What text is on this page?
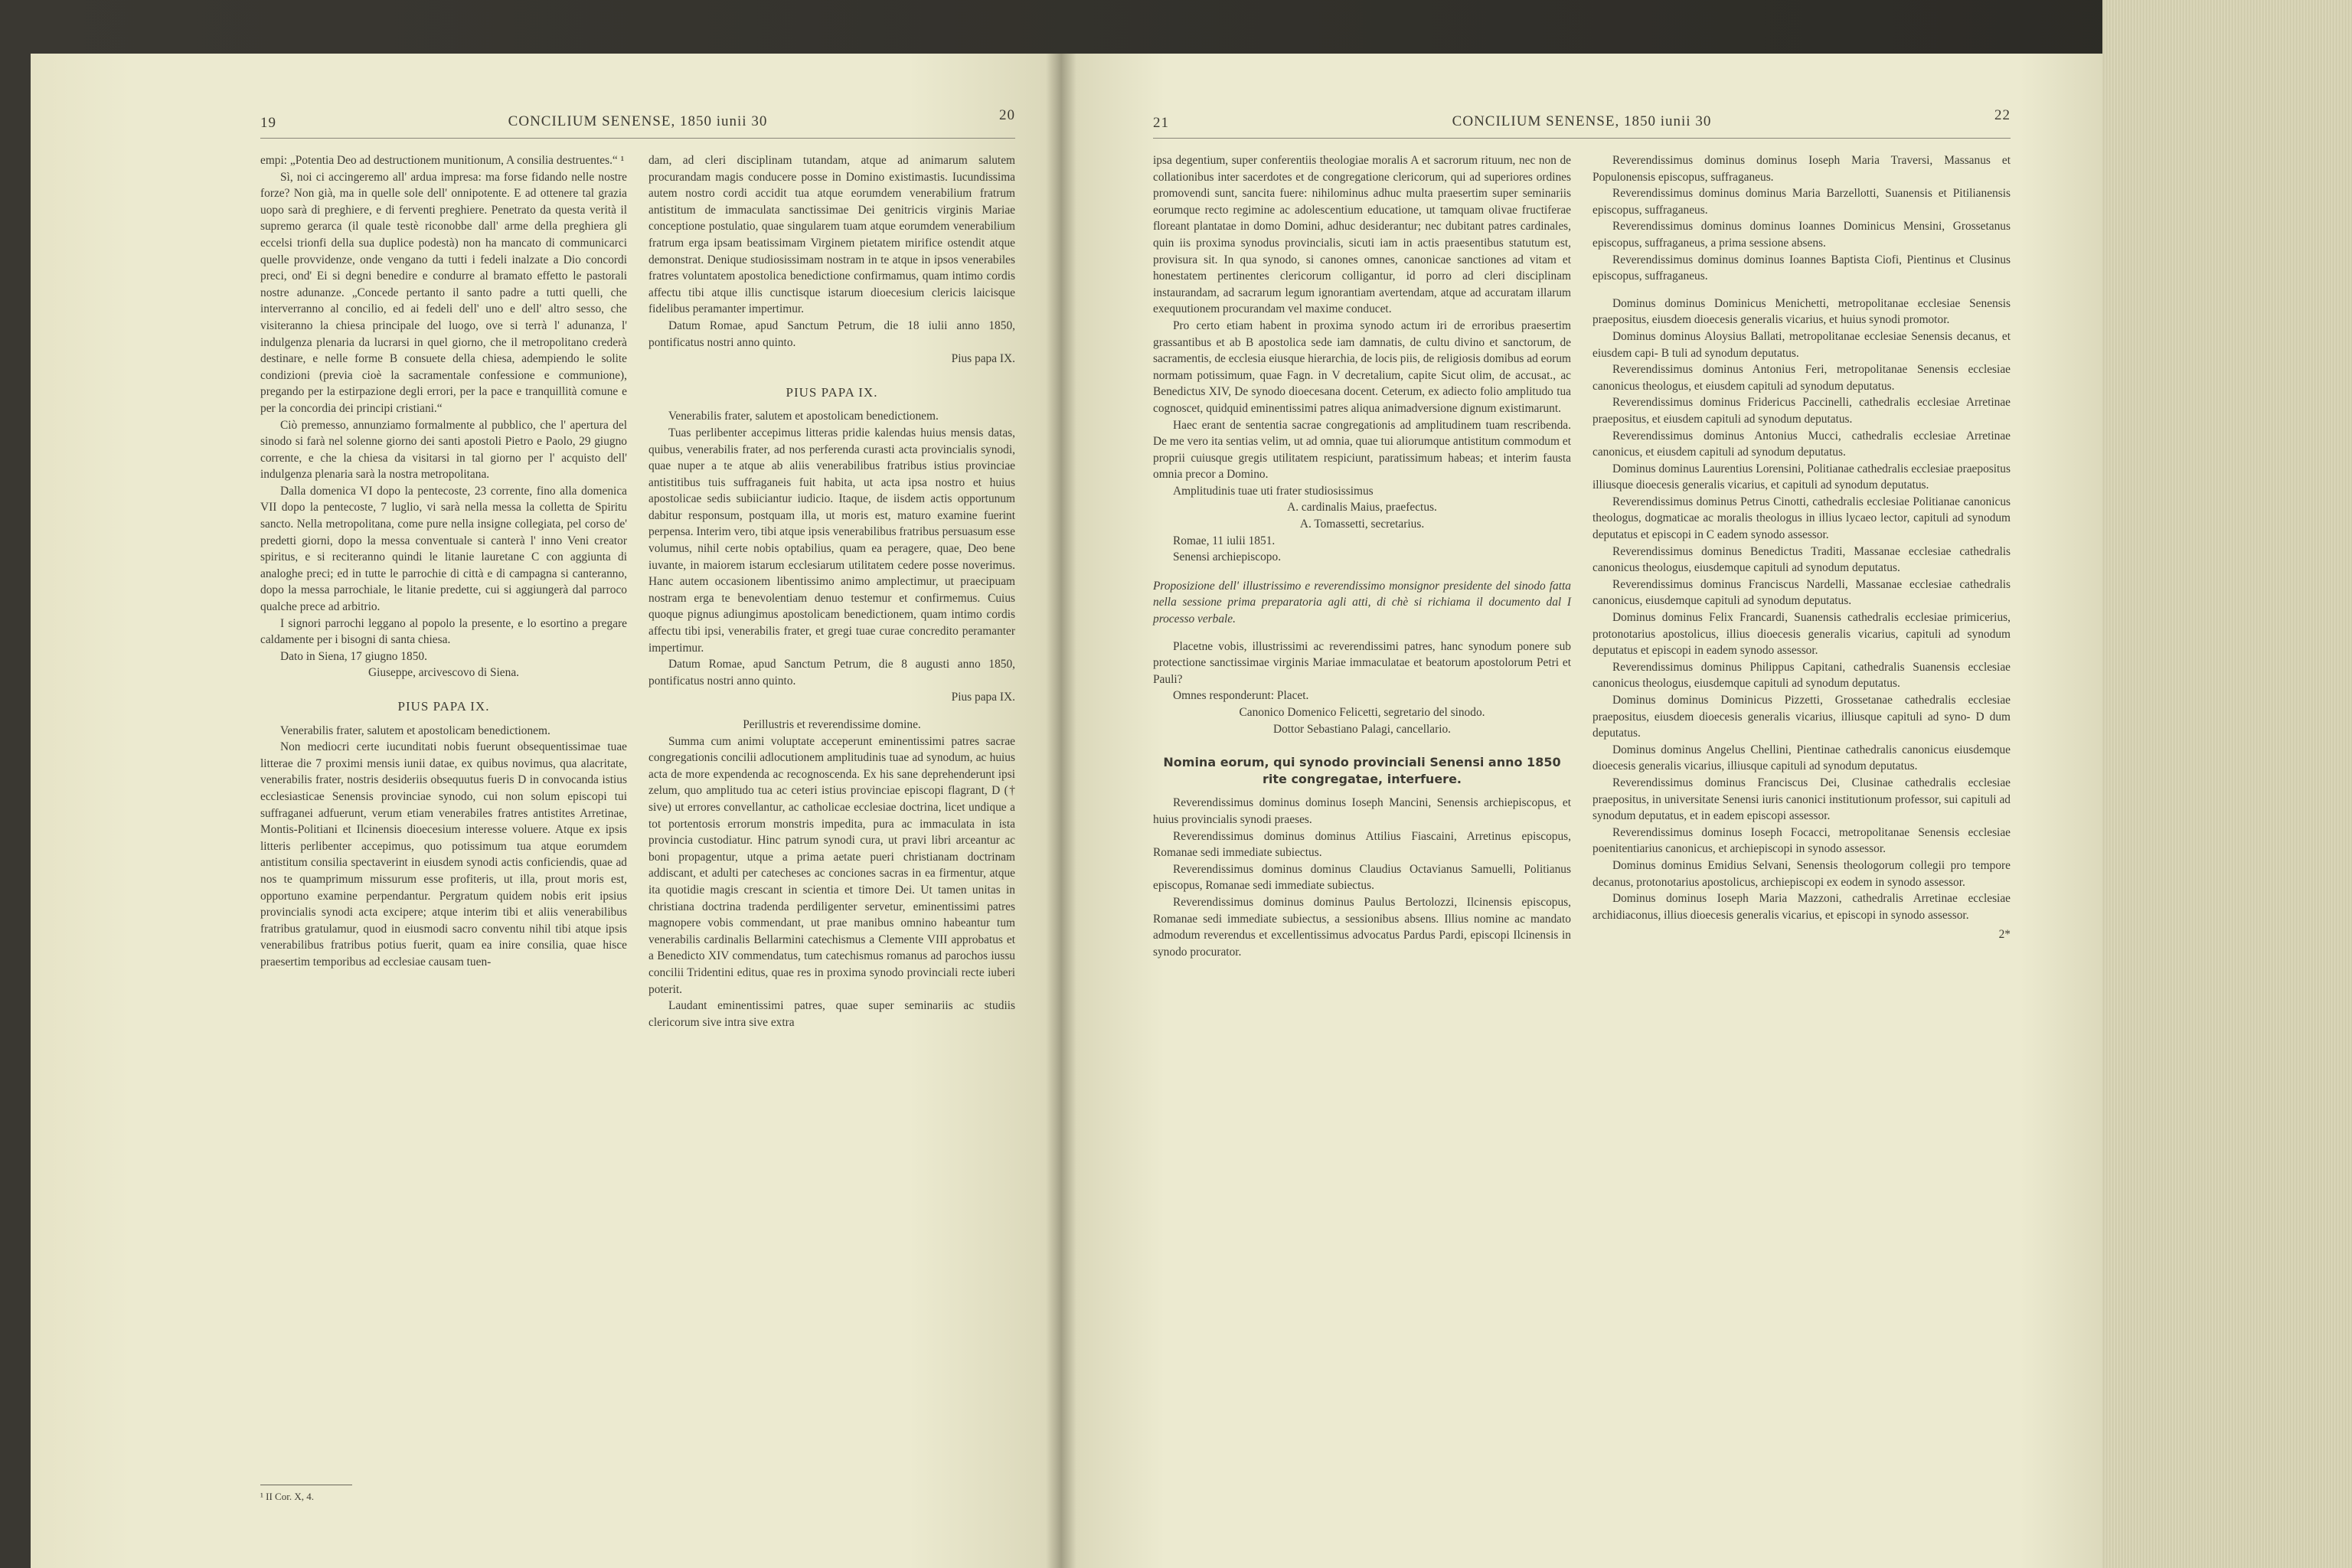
19	CONCILIUM SENENSE, 1850 iunii 30	20

empi: „Potentia Deo ad destructionem munitionum, A consilia destruentes.“ ¹

Sì, noi ci accingeremo all' ardua impresa: ma forse fidando nelle nostre forze? Non già, ma in quelle sole dell' onnipotente. E ad ottenere tal grazia uopo sarà di preghiere, e di ferventi preghiere. Penetrato da questa verità il supremo gerarca (il quale testè riconobbe dall' arme della preghiera gli eccelsi trionfi della sua duplice podestà) non ha mancato di communicarci quelle provvidenze, onde vengano da tutti i fedeli inalzate a Dio concordi preci, ond' Ei si degni benedire e condurre al bramato effetto le pastorali nostre adunanze. „Concede pertanto il santo padre a tutti quelli, che interverranno al concilio, ed ai fedeli dell' uno e dell' altro sesso, che visiteranno la chiesa principale del luogo, ove si terrà l' adunanza, l' indulgenza plenaria da lucrarsi in quel giorno, che il metropolitano crederà destinare, e nelle forme B consuete della chiesa, adempiendo le solite condizioni (previa cioè la sacramentale confessione e communione), pregando per la estirpazione degli errori, per la pace e tranquillità comune e per la concordia dei principi cristiani.“

Ciò premesso, annunziamo formalmente al pubblico, che l' apertura del sinodo si farà nel solenne giorno dei santi apostoli Pietro e Paolo, 29 giugno corrente, e che la chiesa da visitarsi in tal giorno per l' acquisto dell' indulgenza plenaria sarà la nostra metropolitana.

Dalla domenica VI dopo la pentecoste, 23 corrente, fino alla domenica VII dopo la pentecoste, 7 luglio, vi sarà nella messa la colletta de Spiritu sancto. Nella metropolitana, come pure nella insigne collegiata, pel corso de' predetti giorni, dopo la messa conventuale si canterà l' inno Veni creator spiritus, e si reciteranno quindi le litanie lauretane C con aggiunta di analoghe preci; ed in tutte le parrochie di città e di campagna si canteranno, dopo la messa parrochiale, le litanie predette, cui si aggiungerà dal parroco qualche prece ad arbitrio.

I signori parrochi leggano al popolo la presente, e lo esortino a pregare caldamente per i bisogni di santa chiesa.

Dato in Siena, 17 giugno 1850.

Giuseppe, arcivescovo di Siena.

PIUS PAPA IX.

Venerabilis frater, salutem et apostolicam benedictionem.

Non mediocri certe iucunditati nobis fuerunt obsequentissimae tuae litterae die 7 proximi mensis iunii datae, ex quibus novimus, qua alacritate, venerabilis frater, nostris desideriis obsequutus fueris D in convocanda istius ecclesiasticae Senensis provinciae synodo, cui non solum episcopi tui suffraganei adfuerunt, verum etiam venerabiles fratres antistites Arretinae, Montis-Politiani et Ilcinensis dioecesium interesse voluere. Atque ex ipsis litteris perlibenter accepimus, quo potissimum tua atque eorumdem antistitum consilia spectaverint in eiusdem synodi actis conficiendis, quae ad nos te quamprimum missurum esse profiteris, ut illa, prout moris est, opportuno examine perpendantur. Pergratum quidem nobis erit ipsius provincialis synodi acta excipere; atque interim tibi et aliis venerabilibus fratribus gratulamur, quod in eiusmodi sacro conventu nihil tibi atque ipsis venerabilibus fratribus potius fuerit, quam ea inire consilia, quae hisce praesertim temporibus ad ecclesiae causam tuen-

¹ II Cor. X, 4.

dam, ad cleri disciplinam tutandam, atque ad animarum salutem procurandam magis conducere posse in Domino existimastis. Iucundissima autem nostro cordi accidit tua atque eorumdem venerabilium fratrum antistitum de immaculata sanctissimae Dei genitricis virginis Mariae conceptione postulatio, quae singularem tuam atque eorumdem venerabilium fratrum erga ipsam beatissimam Virginem pietatem mirifice ostendit atque demonstrat. Denique studiosissimam nostram in te atque in ipsos venerabiles fratres voluntatem apostolica benedictione confirmamus, quam intimo cordis affectu tibi atque illis cunctisque istarum dioecesium clericis laicisque fidelibus peramanter impertimur.

Datum Romae, apud Sanctum Petrum, die 18 iulii anno 1850, pontificatus nostri anno quinto.

Pius papa IX.

PIUS PAPA IX.

Venerabilis frater, salutem et apostolicam benedictionem.

Tuas perlibenter accepimus litteras pridie kalendas huius mensis datas, quibus, venerabilis frater, ad nos perferenda curasti acta provincialis synodi, quae nuper a te atque ab aliis venerabilibus fratribus istius provinciae antistitibus tuis suffraganeis fuit habita, ut acta ipsa nostro et huius apostolicae sedis subiiciantur iudicio. Itaque, de iisdem actis opportunum dabitur responsum, postquam illa, ut moris est, maturo examine fuerint perpensa. Interim vero, tibi atque ipsis venerabilibus fratribus persuasum esse volumus, nihil certe nobis optabilius, quam ea peragere, quae, Deo bene iuvante, in maiorem istarum ecclesiarum utilitatem cedere posse noverimus. Hanc autem occasionem libentissimo animo amplectimur, ut praecipuam nostram erga te benevolentiam denuo testemur et confirmemus. Cuius quoque pignus adiungimus apostolicam benedictionem, quam intimo cordis affectu tibi ipsi, venerabilis frater, et gregi tuae curae concredito peramanter impertimur.

Datum Romae, apud Sanctum Petrum, die 8 augusti anno 1850, pontificatus nostri anno quinto.

Pius papa IX.

Perillustris et reverendissime domine.

Summa cum animi voluptate acceperunt eminentissimi patres sacrae congregationis concilii adlocutionem amplitudinis tuae ad synodum, ac huius acta de more expendenda ac recognoscenda. Ex his sane deprehenderunt ipsi zelum, quo amplitudo tua ac ceteri istius provinciae episcopi flagrant, D († sive) ut errores convellantur, ac catholicae ecclesiae doctrina, licet undique a tot portentosis errorum monstris impedita, pura ac immaculata in ista provincia custodiatur. Hinc patrum synodi cura, ut pravi libri arceantur ac boni propagentur, utque a prima aetate pueri christianam doctrinam addiscant, et adulti per catecheses ac conciones sacras in ea firmentur, atque ita quotidie magis crescant in scientia et timore Dei. Ut tamen unitas in christiana doctrina tradenda perdiligenter servetur, eminentissimi patres magnopere vobis commendant, ut prae manibus omnino habeantur tum venerabilis cardinalis Bellarmini catechismus a Clemente VIII approbatus et a Benedicto XIV commendatus, tum catechismus romanus ad parochos iussu concilii Tridentini editus, quae res in proxima synodo provinciali recte iuberi poterit.

Laudant eminentissimi patres, quae super seminariis ac studiis clericorum sive intra sive extra

21	CONCILIUM SENENSE, 1850 iunii 30	22

ipsa degentium, super conferentiis theologiae moralis A et sacrorum rituum, nec non de collationibus inter sacerdotes et de congregatione clericorum, qui ad superiores ordines promovendi sunt, sancita fuere: nihilominus adhuc multa praesertim super seminariis eorumque recto regimine ac adolescentium educatione, ut tamquam olivae fructiferae floreant plantatae in domo Domini, adhuc desiderantur; nec dubitant patres cardinales, quin iis proxima synodus provincialis, sicuti iam in actis praesentibus statutum est, provisura sit. In qua synodo, si canones omnes, canonicae sanctiones ad vitam et honestatem pertinentes clericorum colligantur, id porro ad cleri disciplinam instaurandam, ad sacrarum legum ignorantiam avertendam, atque ad accuratam illarum exequutionem procurandam vel maxime conducet.

Pro certo etiam habent in proxima synodo actum iri de erroribus praesertim grassantibus et ab B apostolica sede iam damnatis, de cultu divino et sanctorum, de sacramentis, de ecclesia eiusque hierarchia, de locis piis, de religiosis domibus ad eorum normam potissimum, quae Fagn. in V decretalium, capite Sicut olim, de accusat., ac Benedictus XIV, De synodo dioecesana docent. Ceterum, ex adiecto folio amplitudo tua cognoscet, quidquid eminentissimi patres aliqua animadversione dignum existimarunt.

Haec erant de sententia sacrae congregationis ad amplitudinem tuam rescribenda. De me vero ita sentias velim, ut ad omnia, quae tui aliorumque antistitum commodum et proprii cuiusque gregis utilitatem respiciunt, paratissimum habeas; et interim fausta omnia precor a Domino.

Amplitudinis tuae uti frater studiosissimus

A. cardinalis Maius, praefectus.

A. Tomassetti, secretarius.

Romae, 11 iulii 1851.

Senensi archiepiscopo.

Proposizione dell' illustrissimo e reverendissimo monsignor presidente del sinodo fatta nella sessione prima preparatoria agli atti, di chè si richiama il documento dal I processo verbale.

Placetne vobis, illustrissimi ac reverendissimi patres, hanc synodum ponere sub protectione sanctissimae virginis Mariae immaculatae et beatorum apostolorum Petri et Pauli?

Omnes responderunt: Placet.

Canonico Domenico Felicetti, segretario del sinodo.

Dottor Sebastiano Palagi, cancellario.

Nomina eorum, qui synodo provinciali Senensi anno 1850 rite congregatae, interfuere.

Reverendissimus dominus dominus Ioseph Mancini, Senensis archiepiscopus, et huius provincialis synodi praeses.

Reverendissimus dominus dominus Attilius Fiascaini, Arretinus episcopus, Romanae sedi immediate subiectus.

Reverendissimus dominus dominus Claudius Octavianus Samuelli, Politianus episcopus, Romanae sedi immediate subiectus.

Reverendissimus dominus dominus Paulus Bertolozzi, Ilcinensis episcopus, Romanae sedi immediate subiectus, a sessionibus absens. Illius nomine ac mandato admodum reverendus et excellentissimus advocatus Pardus Pardi, episcopi Ilcinensis in synodo procurator.

Reverendissimus dominus dominus Ioseph Maria Traversi, Massanus et Populonensis episcopus, suffraganeus.

Reverendissimus dominus dominus Maria Barzellotti, Suanensis et Pitilianensis episcopus, suffraganeus.

Reverendissimus dominus dominus Ioannes Dominicus Mensini, Grossetanus episcopus, suffraganeus, a prima sessione absens.

Reverendissimus dominus dominus Ioannes Baptista Ciofi, Pientinus et Clusinus episcopus, suffraganeus.

Dominus dominus Dominicus Menichetti, metropolitanae ecclesiae Senensis praepositus, eiusdem dioecesis generalis vicarius, et huius synodi promotor.

Dominus dominus Aloysius Ballati, metropolitanae ecclesiae Senensis decanus, et eiusdem capi- B tuli ad synodum deputatus.

Reverendissimus dominus Antonius Feri, metropolitanae Senensis ecclesiae canonicus theologus, et eiusdem capituli ad synodum deputatus.

Reverendissimus dominus Fridericus Paccinelli, cathedralis ecclesiae Arretinae praepositus, et eiusdem capituli ad synodum deputatus.

Reverendissimus dominus Antonius Mucci, cathedralis ecclesiae Arretinae canonicus, et eiusdem capituli ad synodum deputatus.

Dominus dominus Laurentius Lorensini, Politianae cathedralis ecclesiae praepositus illiusque dioecesis generalis vicarius, et capituli ad synodum deputatus.

Reverendissimus dominus Petrus Cinotti, cathedralis ecclesiae Politianae canonicus theologus, dogmaticae ac moralis theologus in illius lycaeo lector, capituli ad synodum deputatus et episcopi in C eadem synodo assessor.

Reverendissimus dominus Benedictus Traditi, Massanae ecclesiae cathedralis canonicus theologus, eiusdemque capituli ad synodum deputatus.

Reverendissimus dominus Franciscus Nardelli, Massanae ecclesiae cathedralis canonicus, eiusdemque capituli ad synodum deputatus.

Dominus dominus Felix Francardi, Suanensis cathedralis ecclesiae primicerius, protonotarius apostolicus, illius dioecesis generalis vicarius, capituli ad synodum deputatus et episcopi in eadem synodo assessor.

Reverendissimus dominus Philippus Capitani, cathedralis Suanensis ecclesiae canonicus theologus, eiusdemque capituli ad synodum deputatus.

Dominus dominus Dominicus Pizzetti, Grossetanae cathedralis ecclesiae praepositus, eiusdem dioecesis generalis vicarius, illiusque capituli ad syno- D dum deputatus.

Dominus dominus Angelus Chellini, Pientinae cathedralis canonicus eiusdemque dioecesis generalis vicarius, illiusque capituli ad synodum deputatus.

Reverendissimus dominus Franciscus Dei, Clusinae cathedralis ecclesiae praepositus, in universitate Senensi iuris canonici institutionum professor, sui capituli ad synodum deputatus, et in eadem episcopi assessor.

Reverendissimus dominus Ioseph Focacci, metropolitanae Senensis ecclesiae poenitentiarius canonicus, et archiepiscopi in synodo assessor.

Dominus dominus Emidius Selvani, Senensis theologorum collegii pro tempore decanus, protonotarius apostolicus, archiepiscopi ex eodem in synodo assessor.

Dominus dominus Ioseph Maria Mazzoni, cathedralis Arretinae ecclesiae archidiaconus, illius dioecesis generalis vicarius, et episcopi in synodo assessor.

2*
